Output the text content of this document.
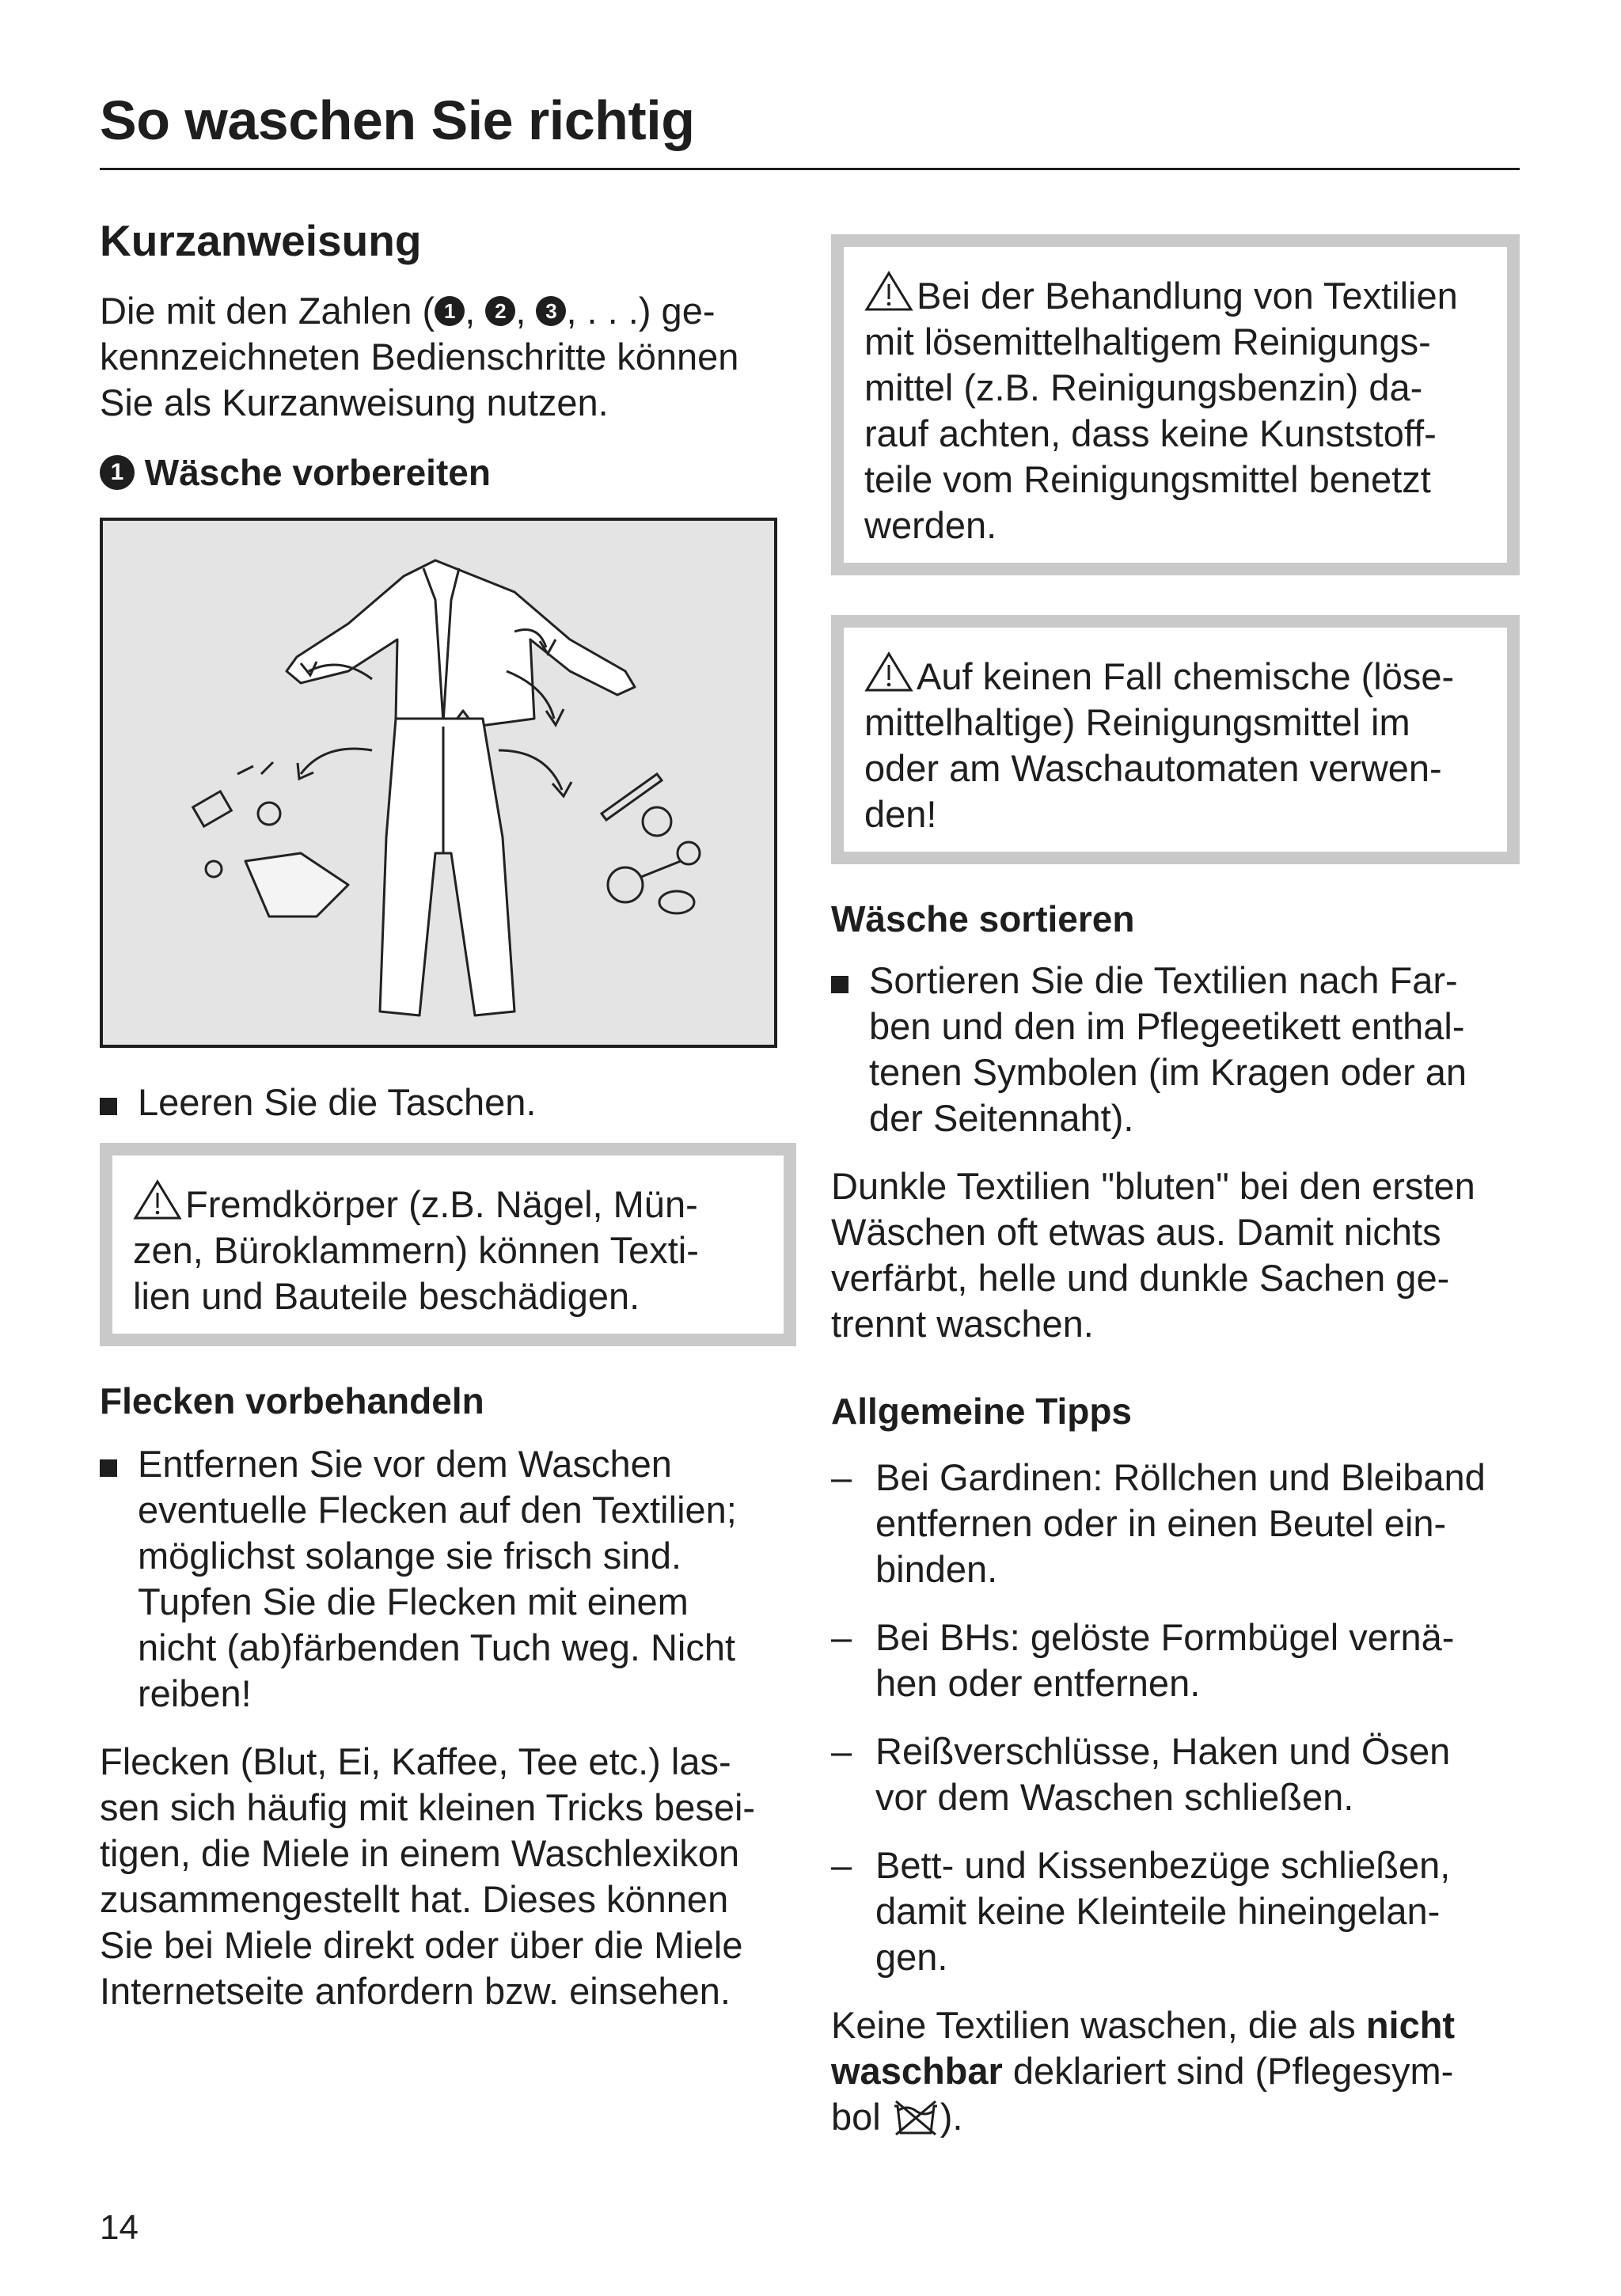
So waschen Sie richtig
Kurzanweisung

Die mit den Zahlen ( 1 , 2 , 3 , . . .) ge-
kennzeichneten Bedienschritte können
Sie als Kurzanweisung nutzen.

1 Wäsche vorbereiten
Leeren Sie die Taschen.
Fremdkörper (z.B. Nägel, Mün-
zen, Büroklammern) können Texti-
lien und Bauteile beschädigen.
Flecken vorbehandeln
Entfernen Sie vor dem Waschen
eventuelle Flecken auf den Textilien;
möglichst solange sie frisch sind.
Tupfen Sie die Flecken mit einem
nicht (ab)färbenden Tuch weg. Nicht
reiben!

Flecken (Blut, Ei, Kaffee, Tee etc.) las-
sen sich häufig mit kleinen Tricks besei-
tigen, die Miele in einem Waschlexikon
zusammengestellt hat. Dieses können
Sie bei Miele direkt oder über die Miele
Internetseite anfordern bzw. einsehen.

Bei der Behandlung von Textilien
mit lösemittelhaltigem Reinigungs-
mittel (z.B. Reinigungsbenzin) da-
rauf achten, dass keine Kunststoff-
teile vom Reinigungsmittel benetzt
werden.
Auf keinen Fall chemische (löse-
mittelhaltige) Reinigungsmittel im
oder am Waschautomaten verwen-
den!
Wäsche sortieren
Sortieren Sie die Textilien nach Far-
ben und den im Pflegeetikett enthal-
tenen Symbolen (im Kragen oder an
der Seitennaht).

Dunkle Textilien "bluten" bei den ersten
Wäschen oft etwas aus. Damit nichts
verfärbt, helle und dunkle Sachen ge-
trennt waschen.

Allgemeine Tipps
– Bei Gardinen: Röllchen und Bleiband
entfernen oder in einen Beutel ein-
binden.
– Bei BHs: gelöste Formbügel vernä-
hen oder entfernen.
– Reißverschlüsse, Haken und Ösen
vor dem Waschen schließen.
– Bett- und Kissenbezüge schließen,
damit keine Kleinteile hineingelan-
gen.

Keine Textilien waschen, die als nicht
waschbar deklariert sind (Pflegesym-
bol ).

14
